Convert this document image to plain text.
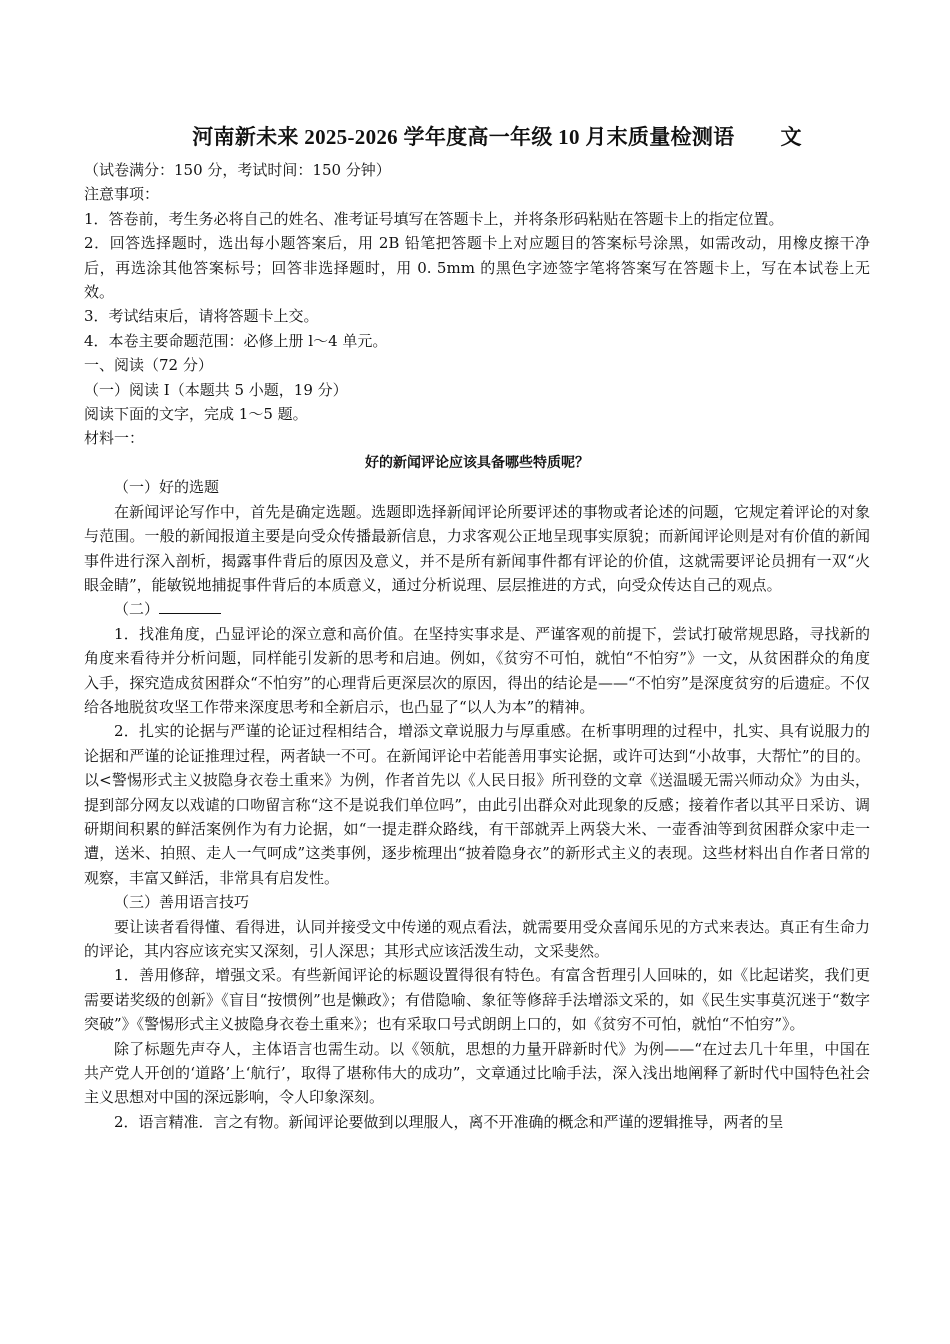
河南新未来 2025-2026 学年度高一年级 10 月末质量检测语 文

（试卷满分：150 分，考试时间：150 分钟）

注意事项：

1．答卷前，考生务必将自己的姓名、准考证号填写在答题卡上，并将条形码粘贴在答题卡上的指定位置。

2．回答选择题时，选出每小题答案后，用 2B 铅笔把答题卡上对应题目的答案标号涂黑，如需改动，用橡皮擦干净后，再选涂其他答案标号；回答非选择题时，用 0. 5mm 的黑色字迹签字笔将答案写在答题卡上，写在本试卷上无效。

3．考试结束后，请将答题卡上交。

4．本卷主要命题范围：必修上册 l～4 单元。

一、阅读（72 分）

（一）阅读 I（本题共 5 小题，19 分）

阅读下面的文字，完成 1～5 题。

材料一：

好的新闻评论应该具备哪些特质呢？

（一）好的选题

在新闻评论写作中，首先是确定选题。选题即选择新闻评论所要评述的事物或者论述的问题，它规定着评论的对象与范围。一般的新闻报道主要是向受众传播最新信息，力求客观公正地呈现事实原貌；而新闻评论则是对有价值的新闻事件进行深入剖析，揭露事件背后的原因及意义，并不是所有新闻事件都有评论的价值，这就需要评论员拥有一双“火眼金睛”，能敏锐地捕捉事件背后的本质意义，通过分析说理、层层推进的方式，向受众传达自己的观点。

（二）

1．找准角度，凸显评论的深立意和高价值。在坚持实事求是、严谨客观的前提下，尝试打破常规思路，寻找新的角度来看待并分析问题，同样能引发新的思考和启迪。例如，《贫穷不可怕，就怕“不怕穷”》一文，从贫困群众的角度入手，探究造成贫困群众“不怕穷”的心理背后更深层次的原因，得出的结论是——“不怕穷”是深度贫穷的后遗症。不仅给各地脱贫攻坚工作带来深度思考和全新启示，也凸显了“以人为本”的精神。

2．扎实的论据与严谨的论证过程相结合，增添文章说服力与厚重感。在析事明理的过程中，扎实、具有说服力的论据和严谨的论证推理过程，两者缺一不可。在新闻评论中若能善用事实论据，或许可达到“小故事，大帮忙”的目的。以<警惕形式主义披隐身衣卷土重来》为例，作者首先以《人民日报》所刊登的文章《送温暖无需兴师动众》为由头，提到部分网友以戏谑的口吻留言称“这不是说我们单位吗”，由此引出群众对此现象的反感；接着作者以其平日采访、调研期间积累的鲜活案例作为有力论据，如“一提走群众路线，有干部就弄上两袋大米、一壶香油等到贫困群众家中走一遭，送米、拍照、走人一气呵成”这类事例，逐步梳理出“披着隐身衣”的新形式主义的表现。这些材料出自作者日常的观察，丰富又鲜活，非常具有启发性。

（三）善用语言技巧

要让读者看得懂、看得进，认同并接受文中传递的观点看法，就需要用受众喜闻乐见的方式来表达。真正有生命力的评论，其内容应该充实又深刻，引人深思；其形式应该活泼生动，文采斐然。

1．善用修辞，增强文采。有些新闻评论的标题设置得很有特色。有富含哲理引人回味的，如《比起诺奖，我们更需要诺奖级的创新》《盲目“按惯例”也是懒政》；有借隐喻、象征等修辞手法增添文采的，如《民生实事莫沉迷于“数字突破”》《警惕形式主义披隐身衣卷土重来》；也有采取口号式朗朗上口的，如《贫穷不可怕，就怕“不怕穷”》。

除了标题先声夺人，主体语言也需生动。以《领航，思想的力量开辟新时代》为例——“在过去几十年里，中国在共产党人开创的‘道路’上‘航行’，取得了堪称伟大的成功”，文章通过比喻手法，深入浅出地阐释了新时代中国特色社会主义思想对中国的深远影响，令人印象深刻。

2．语言精准．言之有物。新闻评论要做到以理服人，离不开准确的概念和严谨的逻辑推导，两者的呈
